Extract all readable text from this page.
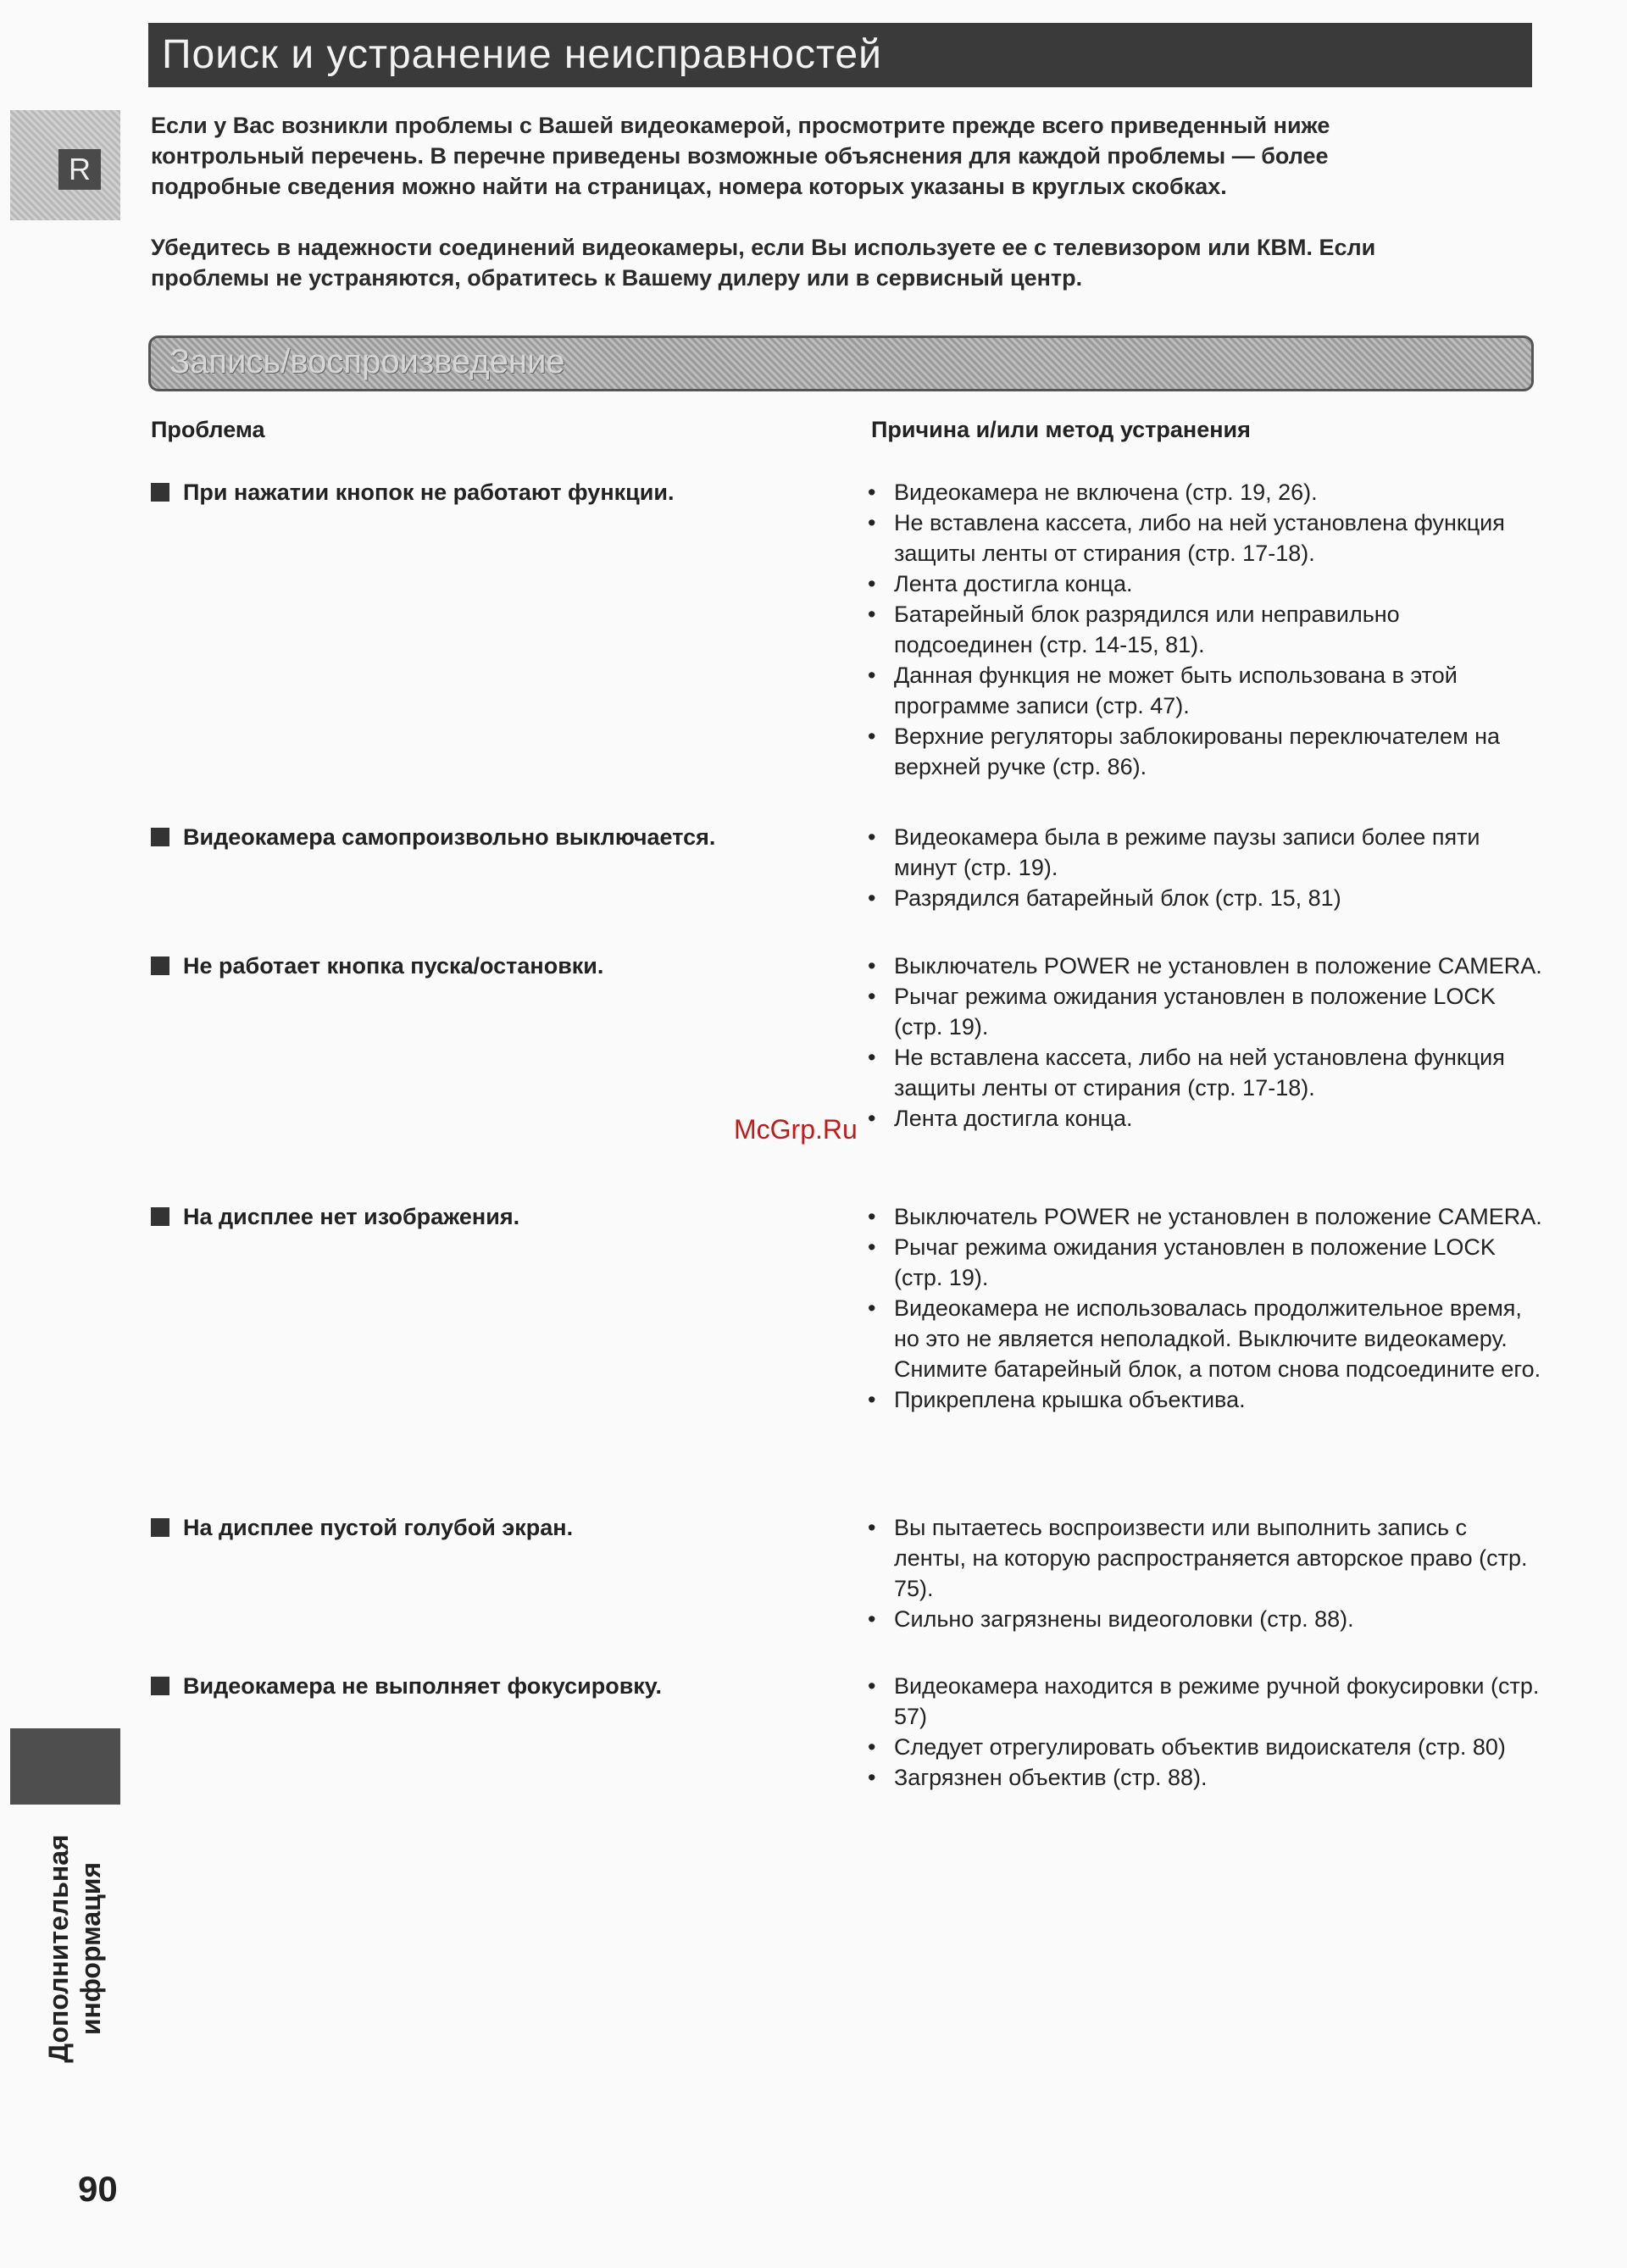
Поиск и устранение неисправностей
R
Если у Вас возникли проблемы с Вашей видеокамерой, просмотрите прежде всего приведенный ниже
контрольный перечень. В перечне приведены возможные объяснения для каждой проблемы — более
подробные сведения можно найти на страницах, номера которых указаны в круглых скобках.
Убедитесь в надежности соединений видеокамеры, если Вы используете ее с телевизором или КВМ. Если
проблемы не устраняются, обратитесь к Вашему дилеру или в сервисный центр.
Запись/воспроизведение
Проблема	Причина и/или метод устранения
При нажатии кнопок не работают функции.	• Видеокамера не включена (стр. 19, 26).
• Не вставлена кассета, либо на ней установлена функция защиты ленты от стирания (стр. 17-18).
• Лента достигла конца.
• Батарейный блок разрядился или неправильно подсоединен (стр. 14-15, 81).
• Данная функция не может быть использована в этой программе записи (стр. 47).
• Верхние регуляторы заблокированы переключателем на верхней ручке (стр. 86).
Видеокамера самопроизвольно выключается.	• Видеокамера была в режиме паузы записи более пяти минут (стр. 19).
• Разрядился батарейный блок (стр. 15, 81)
Не работает кнопка пуска/остановки.	• Выключатель POWER не установлен в положение CAMERA.
• Рычаг режима ожидания установлен в положение LOCK (стр. 19).
• Не вставлена кассета, либо на ней установлена функция защиты ленты от стирания (стр. 17-18).
• Лента достигла конца.
McGrp.Ru
На дисплее нет изображения.	• Выключатель POWER не установлен в положение CAMERA.
• Рычаг режима ожидания установлен в положение LOCK (стр. 19).
• Видеокамера не использовалась продолжительное время, но это не является неполадкой. Выключите видеокамеру. Снимите батарейный блок, а потом снова подсоедините его.
• Прикреплена крышка объектива.
На дисплее пустой голубой экран.	• Вы пытаетесь воспроизвести или выполнить запись с ленты, на которую распространяется авторское право (стр. 75).
• Сильно загрязнены видеоголовки (стр. 88).
Видеокамера не выполняет фокусировку.	• Видеокамера находится в режиме ручной фокусировки (стр. 57)
• Следует отрегулировать объектив видоискателя (стр. 80)
• Загрязнен объектив (стр. 88).
Дополнительная информация
90
